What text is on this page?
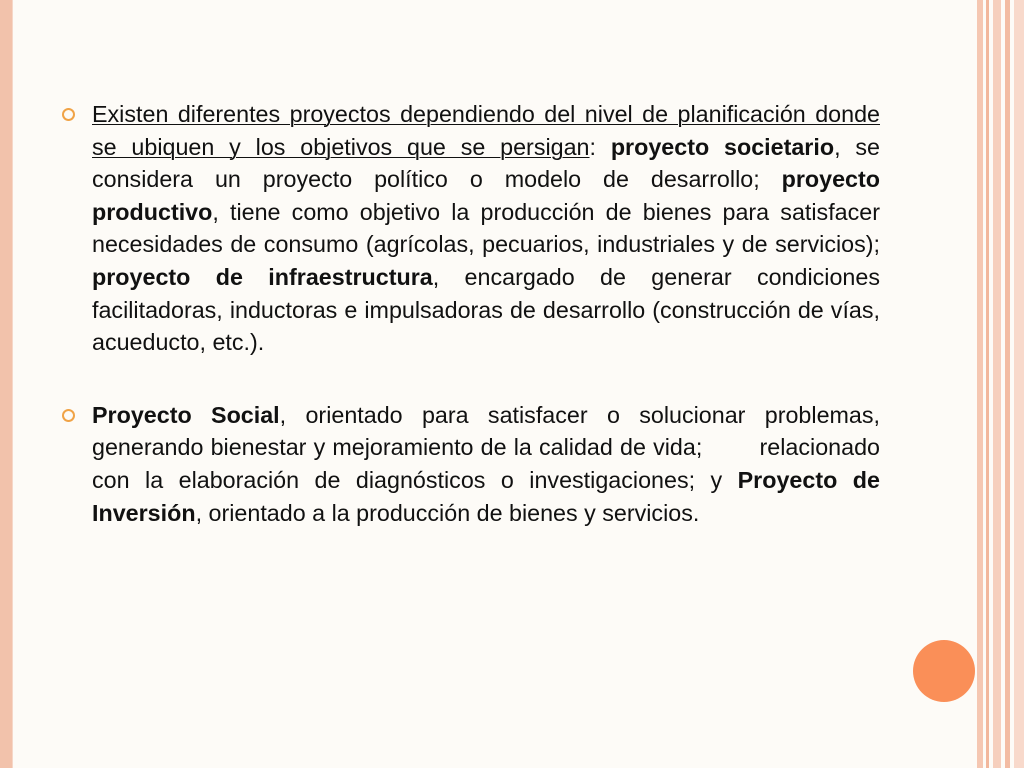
Existen diferentes proyectos dependiendo del nivel de planificación donde se ubiquen y los objetivos que se persigan: proyecto societario, se considera un proyecto político o modelo de desarrollo; proyecto productivo, tiene como objetivo la producción de bienes para satisfacer necesidades de consumo (agrícolas, pecuarios, industriales y de servicios); proyecto de infraestructura, encargado de generar condiciones facilitadoras, inductoras e impulsadoras de desarrollo (construcción de vías, acueducto, etc.).

Proyecto Social, orientado para satisfacer o solucionar problemas, generando bienestar y mejoramiento de la calidad de vida;        relacionado con la elaboración de diagnósticos o investigaciones; y Proyecto de Inversión, orientado a la producción de bienes y servicios.
